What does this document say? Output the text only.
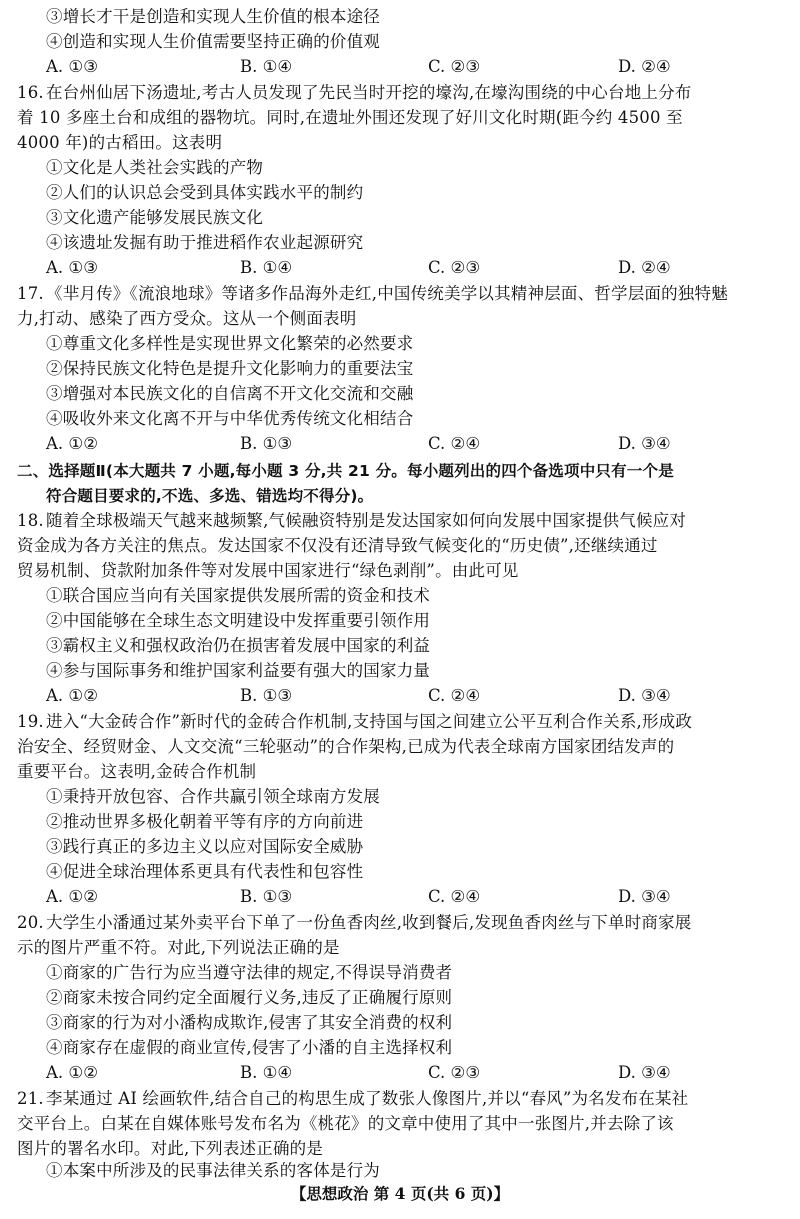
③增长才干是创造和实现人生价值的根本途径
④创造和实现人生价值需要坚持正确的价值观
A. ①③	B. ①④	C. ②③	D. ②④
16. 在台州仙居下汤遗址,考古人员发现了先民当时开挖的壕沟,在壕沟围绕的中心台地上分布
着 10 多座土台和成组的器物坑。同时,在遗址外围还发现了好川文化时期(距今约 4500 至
4000 年)的古稻田。这表明
①文化是人类社会实践的产物
②人们的认识总会受到具体实践水平的制约
③文化遗产能够发展民族文化
④该遗址发掘有助于推进稻作农业起源研究
A. ①③	B. ①④	C. ②③	D. ②④
17. 《芈月传》《流浪地球》等诸多作品海外走红,中国传统美学以其精神层面、哲学层面的独特魅
力,打动、感染了西方受众。这从一个侧面表明
①尊重文化多样性是实现世界文化繁荣的必然要求
②保持民族文化特色是提升文化影响力的重要法宝
③增强对本民族文化的自信离不开文化交流和交融
④吸收外来文化离不开与中华优秀传统文化相结合
A. ①②	B. ①③	C. ②④	D. ③④
二、选择题Ⅱ(本大题共 7 小题,每小题 3 分,共 21 分。每小题列出的四个备选项中只有一个是
符合题目要求的,不选、多选、错选均不得分)。
18. 随着全球极端天气越来越频繁,气候融资特别是发达国家如何向发展中国家提供气候应对
资金成为各方关注的焦点。发达国家不仅没有还清导致气候变化的“历史债”,还继续通过
贸易机制、贷款附加条件等对发展中国家进行“绿色剥削”。由此可见
①联合国应当向有关国家提供发展所需的资金和技术
②中国能够在全球生态文明建设中发挥重要引领作用
③霸权主义和强权政治仍在损害着发展中国家的利益
④参与国际事务和维护国家利益要有强大的国家力量
A. ①②	B. ①③	C. ②④	D. ③④
19. 进入“大金砖合作”新时代的金砖合作机制,支持国与国之间建立公平互利合作关系,形成政
治安全、经贸财金、人文交流“三轮驱动”的合作架构,已成为代表全球南方国家团结发声的
重要平台。这表明,金砖合作机制
①秉持开放包容、合作共赢引领全球南方发展
②推动世界多极化朝着平等有序的方向前进
③践行真正的多边主义以应对国际安全威胁
④促进全球治理体系更具有代表性和包容性
A. ①②	B. ①③	C. ②④	D. ③④
20. 大学生小潘通过某外卖平台下单了一份鱼香肉丝,收到餐后,发现鱼香肉丝与下单时商家展
示的图片严重不符。对此,下列说法正确的是
①商家的广告行为应当遵守法律的规定,不得误导消费者
②商家未按合同约定全面履行义务,违反了正确履行原则
③商家的行为对小潘构成欺诈,侵害了其安全消费的权利
④商家存在虚假的商业宣传,侵害了小潘的自主选择权利
A. ①②	B. ①④	C. ②③	D. ③④
21. 李某通过 AI 绘画软件,结合自己的构思生成了数张人像图片,并以“春风”为名发布在某社
交平台上。白某在自媒体账号发布名为《桃花》的文章中使用了其中一张图片,并去除了该
图片的署名水印。对此,下列表述正确的是
①本案中所涉及的民事法律关系的客体是行为
【思想政治 第 4 页(共 6 页)】
